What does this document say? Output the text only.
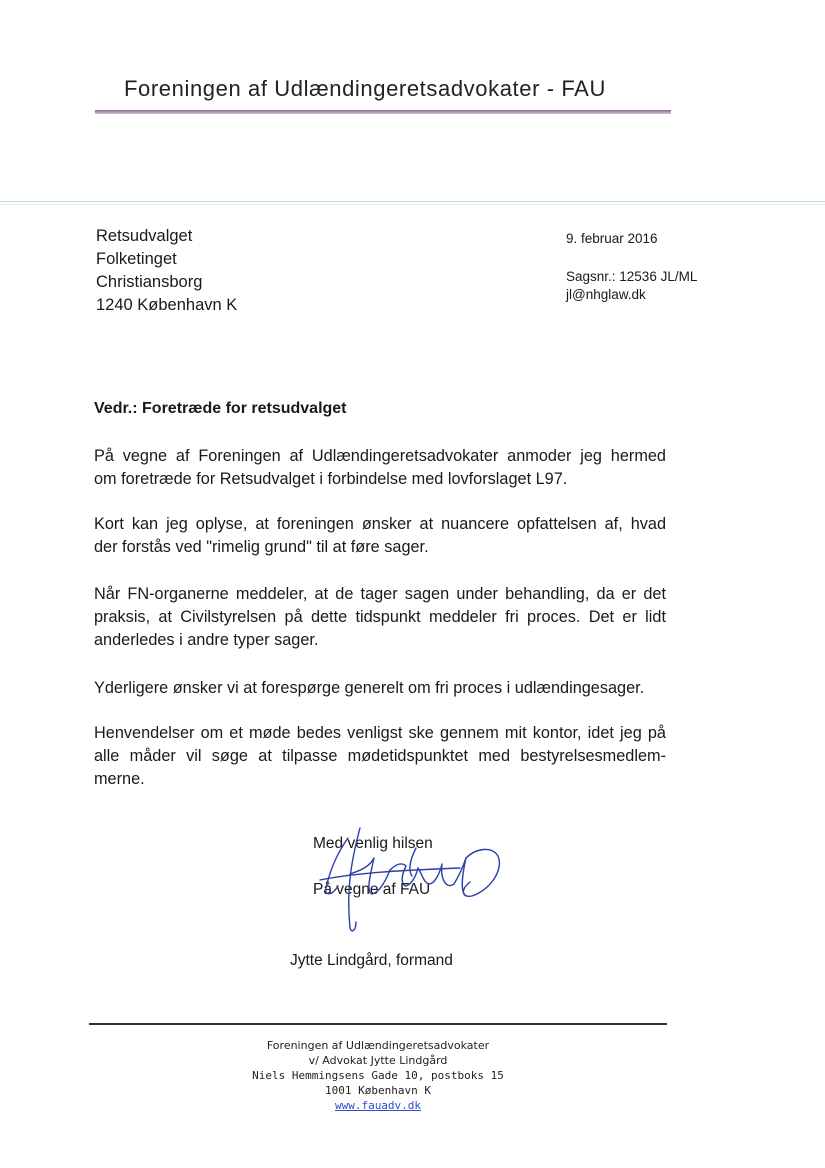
Foreningen af Udlændingeretsadvokater - FAU
Retsudvalget
Folketinget
Christiansborg
1240 København K
9. februar 2016
Sagsnr.: 12536 JL/ML
jl@nhglaw.dk
Vedr.: Foretræde for retsudvalget
På vegne af Foreningen af Udlændingeretsadvokater anmoder jeg hermed
om foretræde for Retsudvalget i forbindelse med lovforslaget L97.
Kort kan jeg oplyse, at foreningen ønsker at nuancere opfattelsen af, hvad
der forstås ved "rimelig grund" til at føre sager.
Når FN-organerne meddeler, at de tager sagen under behandling, da er det
praksis, at Civilstyrelsen på dette tidspunkt meddeler fri proces. Det er lidt
anderledes i andre typer sager.
Yderligere ønsker vi at forespørge generelt om fri proces i udlændingesager.
Henvendelser om et møde bedes venligst ske gennem mit kontor, idet jeg på
alle måder vil søge at tilpasse mødetidspunktet med bestyrelsesmedlem-
merne.
Med venlig hilsen
På vegne af FAU
Jytte Lindgård, formand
Foreningen af Udlændingeretsadvokater
v/ Advokat Jytte Lindgård
Niels Hemmingsens Gade 10, postboks 15
1001 København K
www.fauadv.dk
